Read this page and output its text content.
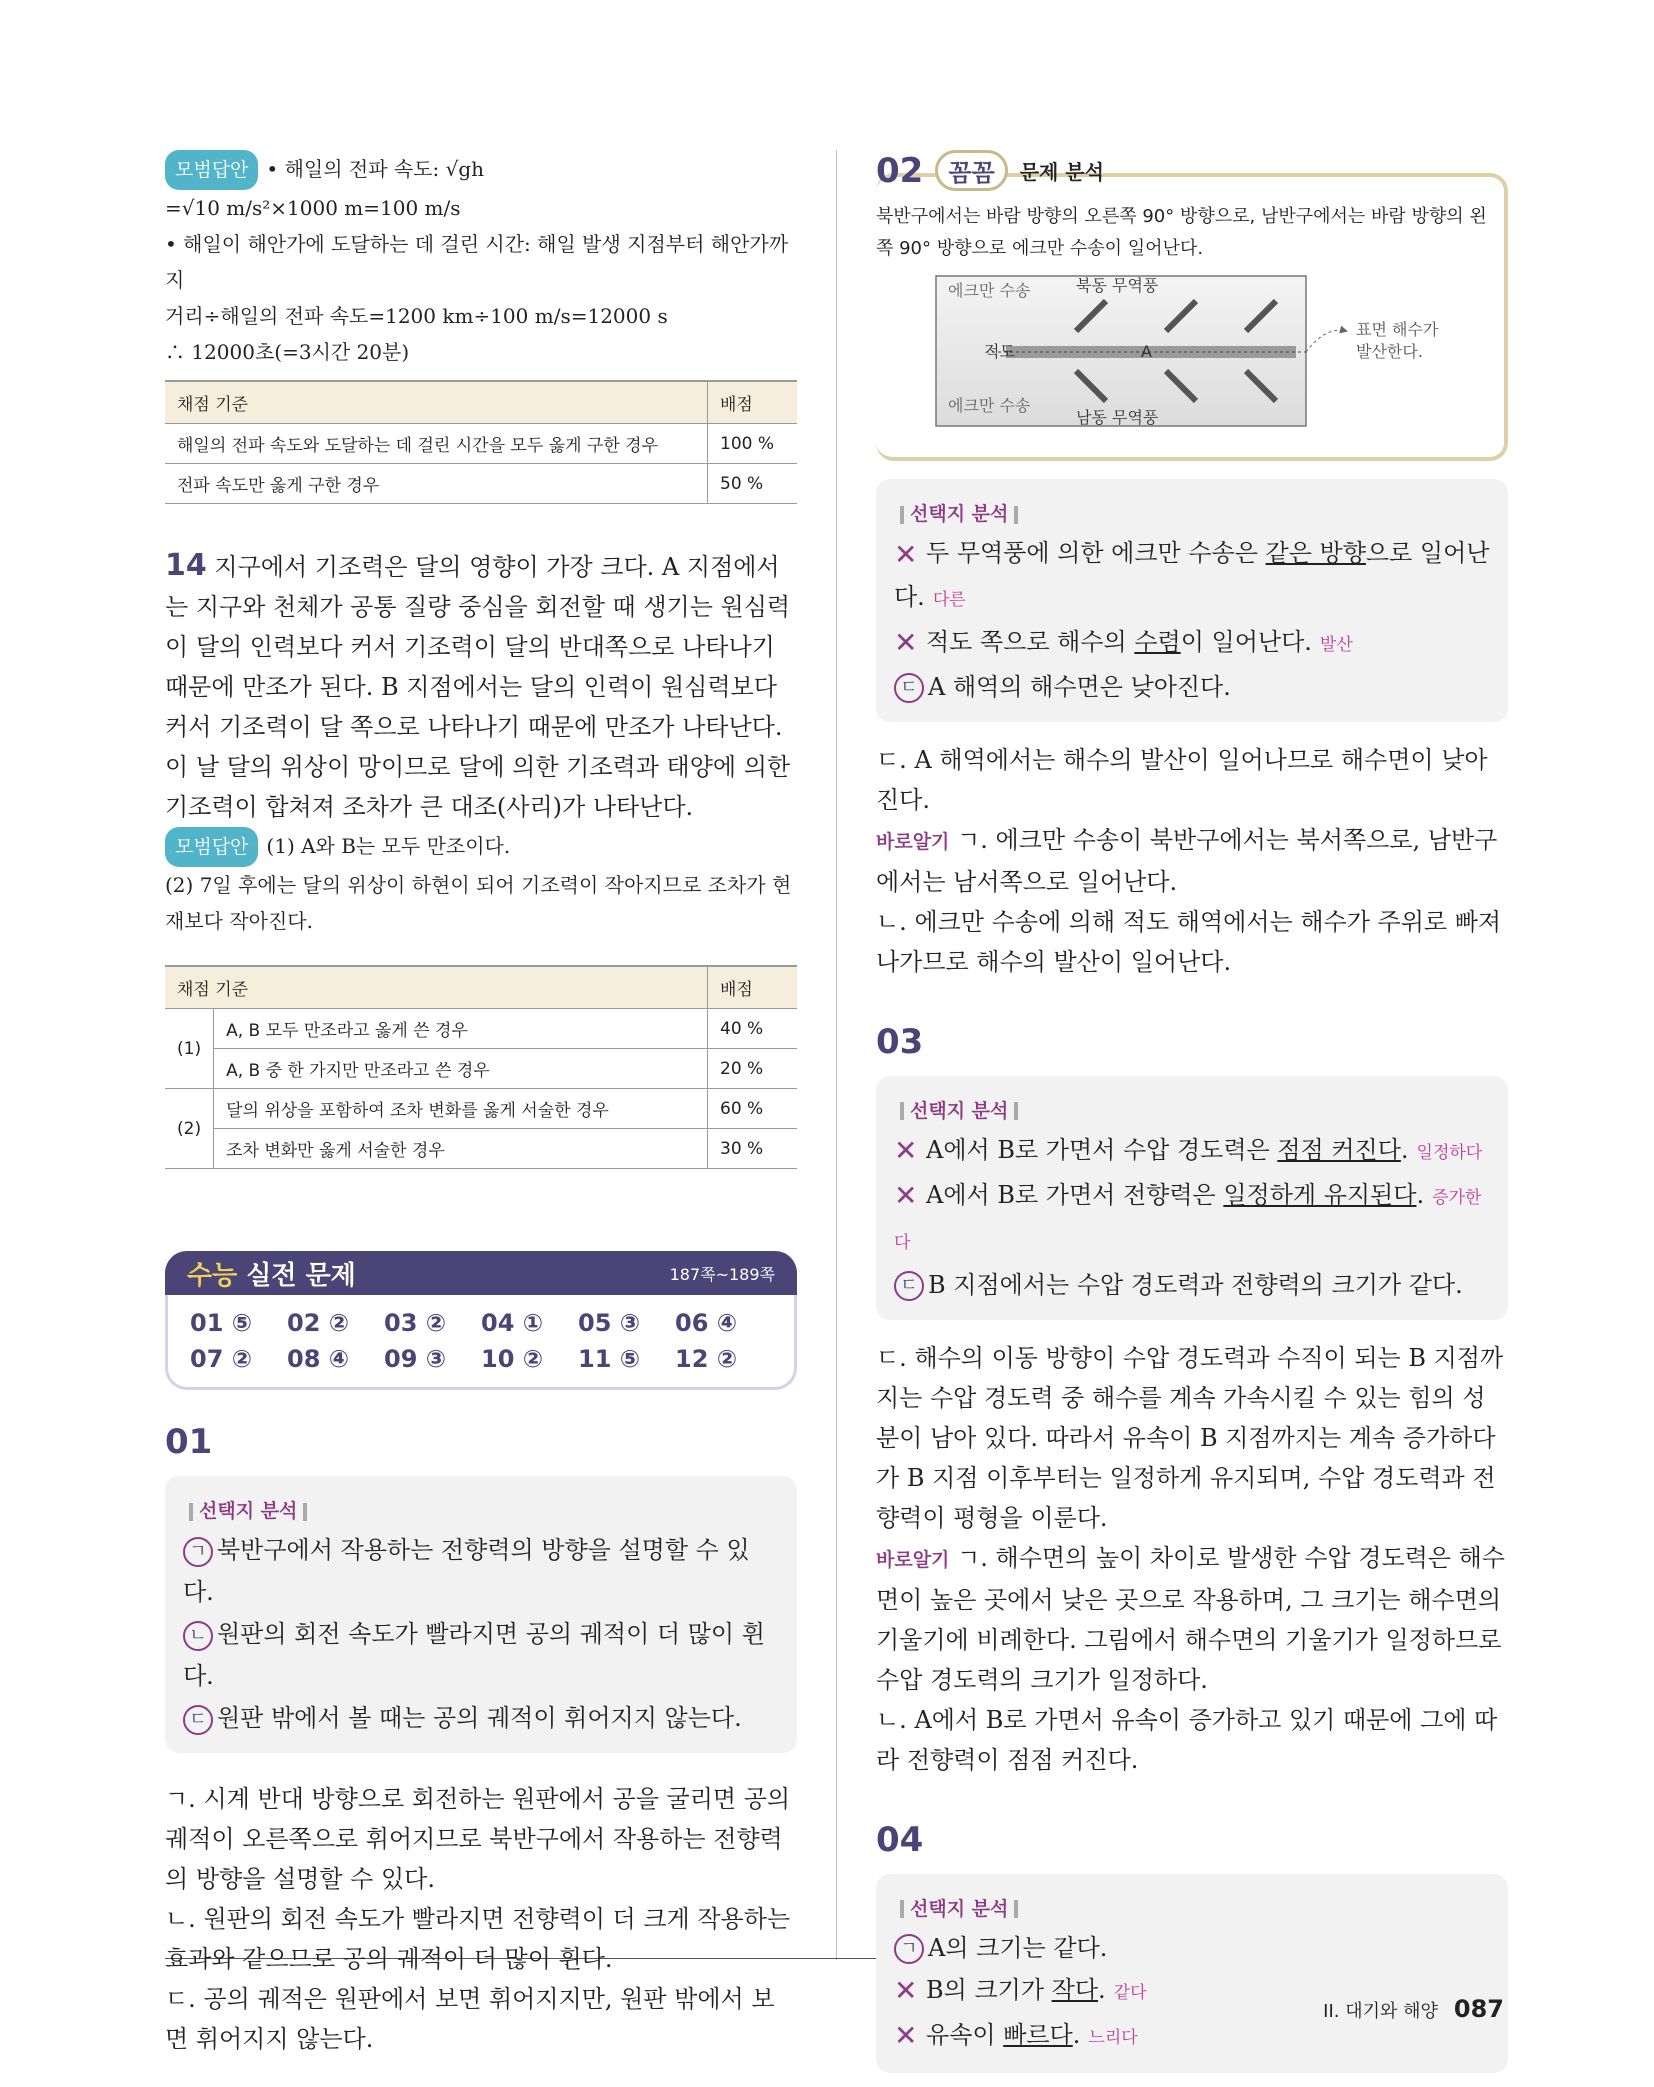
모범답안 • 해일의 전파 속도: √gh

=√10 m/s²×1000 m=100 m/s

• 해일이 해안가에 도달하는 데 걸린 시간: 해일 발생 지점부터 해안가까지

거리÷해일의 전파 속도=1200 km÷100 m/s=12000 s

∴ 12000초(=3시간 20분)

채점 기준	배점
해일의 전파 속도와 도달하는 데 걸린 시간을 모두 옳게 구한 경우	100 %
전파 속도만 옳게 구한 경우	50 %

14 지구에서 기조력은 달의 영향이 가장 크다. A 지점에서는 지구와 천체가 공통 질량 중심을 회전할 때 생기는 원심력이 달의 인력보다 커서 기조력이 달의 반대쪽으로 나타나기 때문에 만조가 된다. B 지점에서는 달의 인력이 원심력보다 커서 기조력이 달 쪽으로 나타나기 때문에 만조가 나타난다.

이 날 달의 위상이 망이므로 달에 의한 기조력과 태양에 의한 기조력이 합쳐져 조차가 큰 대조(사리)가 나타난다.

모범답안 (1) A와 B는 모두 만조이다.

(2) 7일 후에는 달의 위상이 하현이 되어 기조력이 작아지므로 조차가 현재보다 작아진다.

채점 기준		배점
(1)	A, B 모두 만조라고 옳게 쓴 경우	40 %
	A, B 중 한 가지만 만조라고 쓴 경우	20 %
(2)	달의 위상을 포함하여 조차 변화를 옳게 서술한 경우	60 %
	조차 변화만 옳게 서술한 경우	30 %
수능 실전 문제	187쪽~189쪽
01 ⑤	02 ②	03 ②	04 ①	05 ③	06 ④
07 ②	08 ④	09 ③	10 ②	11 ⑤	12 ②
01
선택지 분석
ㄱ 북반구에서 작용하는 전향력의 방향을 설명할 수 있다.
ㄴ 원판의 회전 속도가 빨라지면 공의 궤적이 더 많이 휜다.
ㄷ 원판 밖에서 볼 때는 공의 궤적이 휘어지지 않는다.

ㄱ. 시계 반대 방향으로 회전하는 원판에서 공을 굴리면 공의 궤적이 오른쪽으로 휘어지므로 북반구에서 작용하는 전향력의 방향을 설명할 수 있다.

ㄴ. 원판의 회전 속도가 빨라지면 전향력이 더 크게 작용하는 효과와 같으므로 공의 궤적이 더 많이 휜다.

ㄷ. 공의 궤적은 원판에서 보면 휘어지지만, 원판 밖에서 보면 휘어지지 않는다.

02	꼼꼼	문제 분석
북반구에서는 바람 방향의 오른쪽 90° 방향으로, 남반구에서는 바람 방향의 왼쪽 90° 방향으로 에크만 수송이 일어난다.
에크만 수송	북동 무역풍
적도	A
에크만 수송
남동 무역풍
표면 해수가
발산한다.
선택지 분석
✕ 두 무역풍에 의한 에크만 수송은 같은 방향으로 일어난다. 다른
✕ 적도 쪽으로 해수의 수렴이 일어난다. 발산
ㄷ A 해역의 해수면은 낮아진다.

ㄷ. A 해역에서는 해수의 발산이 일어나므로 해수면이 낮아진다.

바로알기 ㄱ. 에크만 수송이 북반구에서는 북서쪽으로, 남반구에서는 남서쪽으로 일어난다.

ㄴ. 에크만 수송에 의해 적도 해역에서는 해수가 주위로 빠져나가므로 해수의 발산이 일어난다.

03
선택지 분석
✕ A에서 B로 가면서 수압 경도력은 점점 커진다. 일정하다
✕ A에서 B로 가면서 전향력은 일정하게 유지된다. 증가한다
ㄷ B 지점에서는 수압 경도력과 전향력의 크기가 같다.

ㄷ. 해수의 이동 방향이 수압 경도력과 수직이 되는 B 지점까지는 수압 경도력 중 해수를 계속 가속시킬 수 있는 힘의 성분이 남아 있다. 따라서 유속이 B 지점까지는 계속 증가하다가 B 지점 이후부터는 일정하게 유지되며, 수압 경도력과 전향력이 평형을 이룬다.

바로알기 ㄱ. 해수면의 높이 차이로 발생한 수압 경도력은 해수면이 높은 곳에서 낮은 곳으로 작용하며, 그 크기는 해수면의 기울기에 비례한다. 그림에서 해수면의 기울기가 일정하므로 수압 경도력의 크기가 일정하다.

ㄴ. A에서 B로 가면서 유속이 증가하고 있기 때문에 그에 따라 전향력이 점점 커진다.

04
선택지 분석
ㄱ A의 크기는 같다.
✕ B의 크기가 작다. 같다
✕ 유속이 빠르다. 느리다
II. 대기와 해양 087
